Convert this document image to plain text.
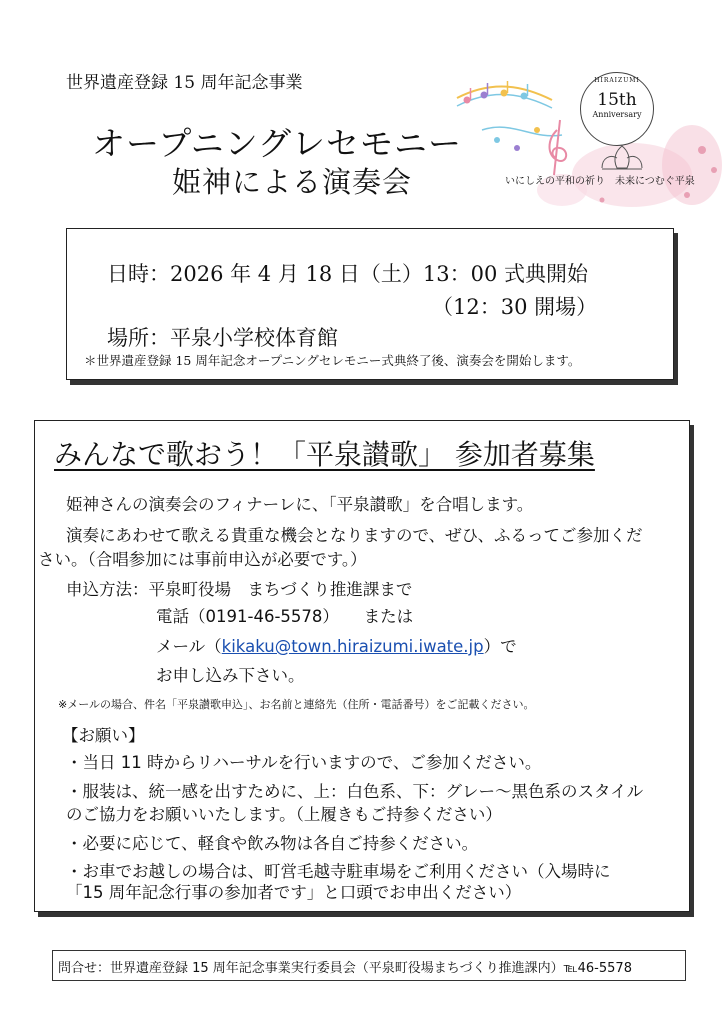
世界遺産登録 15 周年記念事業
オープニングレセモニー
姫神による演奏会
HIRAIZUMI
15th
Anniversary
いにしえの平和の祈り　未来につむぐ平泉
日時：2026 年 4 月 18 日（土）13：00 式典開始
（12：30 開場）
場所：平泉小学校体育館
＊世界遺産登録 15 周年記念オープニングセレモニー式典終了後、演奏会を開始します。
みんなで歌おう！「平泉讃歌」 参加者募集
姫神さんの演奏会のフィナーレに、「平泉讃歌」を合唱します。
演奏にあわせて歌える貴重な機会となりますので、ぜひ、ふるってご参加くだ
さい。（合唱参加には事前申込が必要です。）
申込方法：平泉町役場　まちづくり推進課まで
電話（0191-46-5578）　　または
メール（kikaku@town.hiraizumi.iwate.jp）で
お申し込み下さい。
※メールの場合、件名「平泉讃歌申込」、お名前と連絡先（住所・電話番号）をご記載ください。
【お願い】
・当日 11 時からリハーサルを行いますので、ご参加ください。
・服装は、統一感を出すために、上：白色系、下：グレー～黒色系のスタイル
のご協力をお願いいたします。（上履きもご持参ください）
・必要に応じて、軽食や飲み物は各自ご持参ください。
・お車でお越しの場合は、町営毛越寺駐車場をご利用ください（入場時に
「15 周年記念行事の参加者です」と口頭でお申出ください）
問合せ：世界遺産登録 15 周年記念事業実行委員会（平泉町役場まちづくり推進課内）℡46-5578
